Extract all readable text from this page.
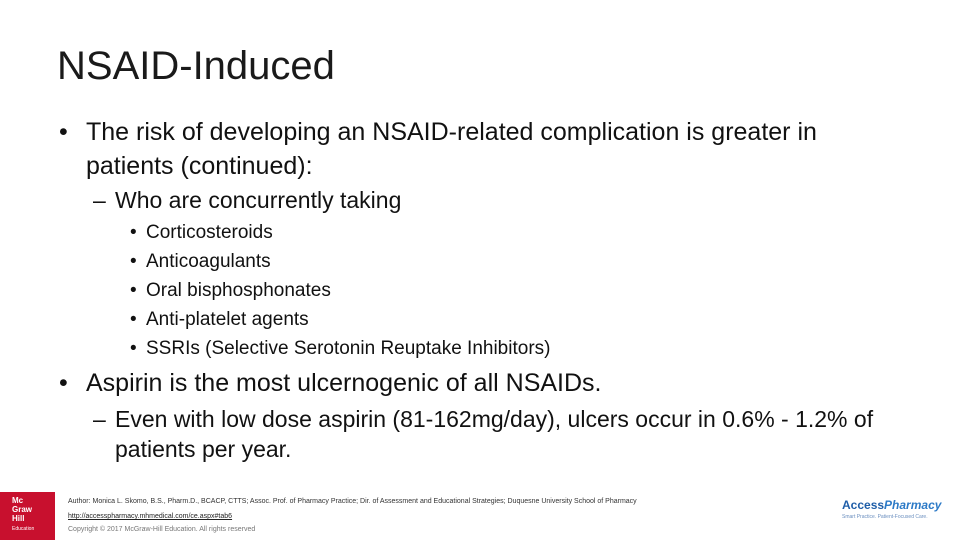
NSAID-Induced
• The risk of developing an NSAID-related complication is greater in patients (continued):
– Who are concurrently taking
• Corticosteroids
• Anticoagulants
• Oral bisphosphonates
• Anti-platelet agents
• SSRIs (Selective Serotonin Reuptake Inhibitors)
• Aspirin is the most ulcernogenic of all NSAIDs.
– Even with low dose aspirin (81-162mg/day), ulcers occur in 0.6% - 1.2% of patients per year.
Mc
Graw
Hill
Education
Author: Monica L. Skomo, B.S., Pharm.D., BCACP, CTTS; Assoc. Prof. of Pharmacy Practice; Dir. of Assessment and Educational Strategies; Duquesne University School of Pharmacy
http://accesspharmacy.mhmedical.com/ce.aspx#tab6
Copyright © 2017 McGraw-Hill Education. All rights reserved
AccessPharmacy
Smart Practice. Patient-Focused Care.
